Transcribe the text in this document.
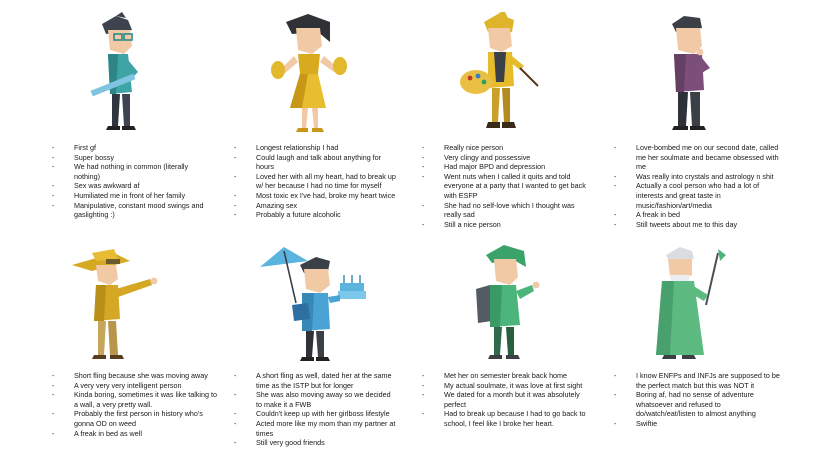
- First gf
- Super bossy
- We had nothing in common (literally nothing)
- Sex was awkward af
- Humiliated me in front of her family
- Manipulative, constant mood swings and gaslighting :)
- Longest relationship I had
- Could laugh and talk about anything for hours
- Loved her with all my heart, had to break up w/ her because I had no time for myself
- Most toxic ex I've had, broke my heart twice
- Amazing sex
- Probably a future alcoholic
- Really nice person
- Very clingy and possessive
- Had major BPD and depression
- Went nuts when I called it quits and told everyone at a party that I wanted to get back with ESFP
- She had no self-love which I thought was really sad
- Still a nice person
- Love-bombed me on our second date, called me her soulmate and became obsessed with me
- Was really into crystals and astrology n shit
- Actually a cool person who had a lot of interests and great taste in music/fashion/art/media
- A freak in bed
- Still tweets about me to this day
- Short fling because she was moving away
- A very very very intelligent person
- Kinda boring, sometimes it was like talking to a wall, a very pretty wall.
- Probably the first person in history who's gonna OD on weed
- A freak in bed as well
- A short fling as well, dated her at the same time as the ISTP but for longer
- She was also moving away so we decided to make it a FWB
- Couldn't keep up with her girlboss lifestyle
- Acted more like my mom than my partner at times
- Still very good friends
- Met her on semester break back home
- My actual soulmate, it was love at first sight
- We dated for a month but it was absolutely perfect
- Had to break up because I had to go back to school, I feel like I broke her heart.
- I know ENFPs and INFJs are supposed to be the perfect match but this was NOT it
- Boring af, had no sense of adventure whatsoever and refused to do/watch/eat/listen to almost anything
- Swiftie
